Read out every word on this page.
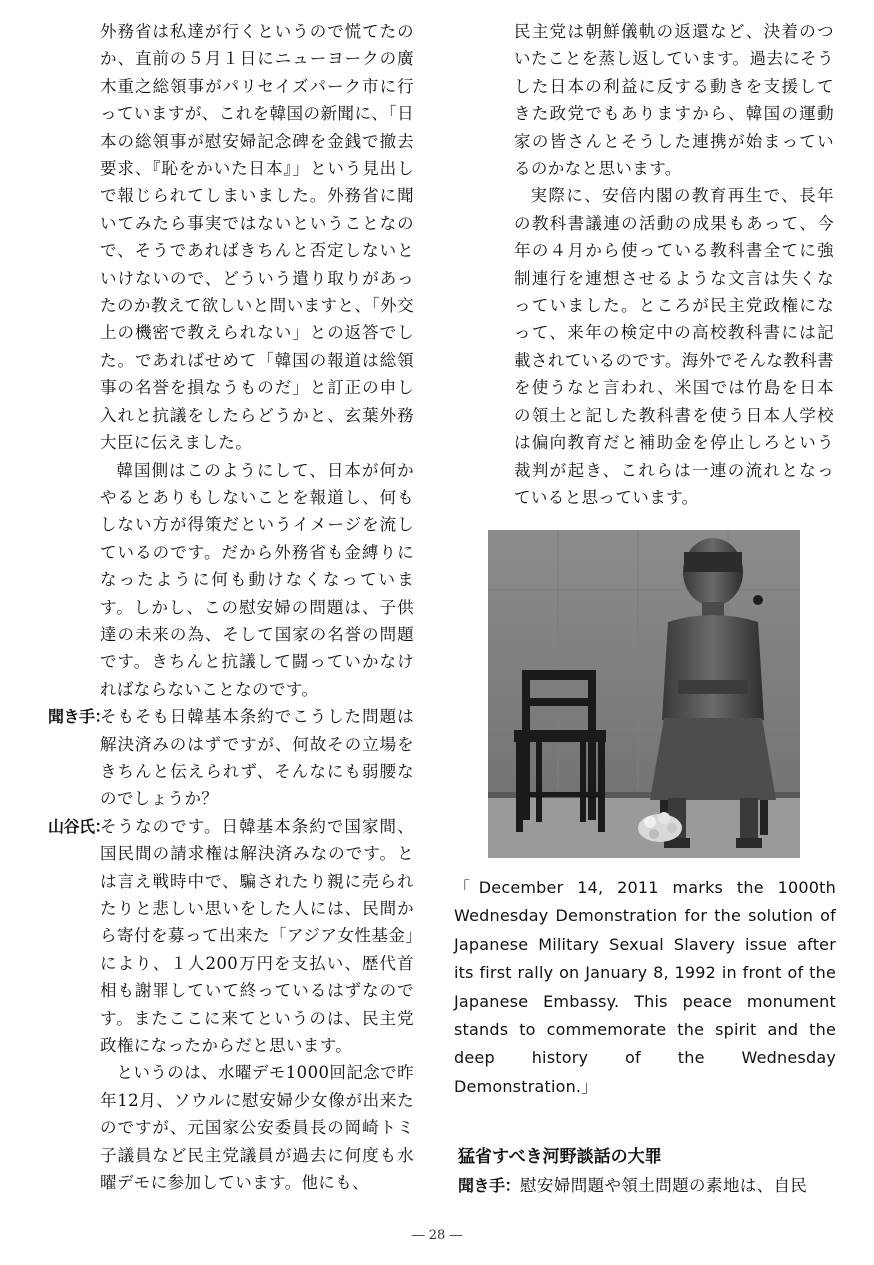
外務省は私達が行くというので慌てたのか、直前の５月１日にニューヨークの廣木重之総領事がパリセイズパーク市に行っていますが、これを韓国の新聞に、「日本の総領事が慰安婦記念碑を金銭で撤去要求、『恥をかいた日本』」という見出しで報じられてしまいました。外務省に聞いてみたら事実ではないということなので、そうであればきちんと否定しないといけないので、どういう遣り取りがあったのか教えて欲しいと問いますと、「外交上の機密で教えられない」との返答でした。であればせめて「韓国の報道は総領事の名誉を損なうものだ」と訂正の申し入れと抗議をしたらどうかと、玄葉外務大臣に伝えました。

韓国側はこのようにして、日本が何かやるとありもしないことを報道し、何もしない方が得策だというイメージを流しているのです。だから外務省も金縛りになったように何も動けなくなっています。しかし、この慰安婦の問題は、子供達の未来の為、そして国家の名誉の問題です。きちんと抗議して闘っていかなければならないことなのです。

聞き手：

そもそも日韓基本条約でこうした問題は解決済みのはずですが、何故その立場をきちんと伝えられず、そんなにも弱腰なのでしょうか？

山谷氏：

そうなのです。日韓基本条約で国家間、国民間の請求権は解決済みなのです。とは言え戦時中で、騙されたり親に売られたりと悲しい思いをした人には、民間から寄付を募って出来た「アジア女性基金」により、１人200万円を支払い、歴代首相も謝罪していて終っているはずなのです。またここに来てというのは、民主党政権になったからだと思います。

というのは、水曜デモ1000回記念で昨年12月、ソウルに慰安婦少女像が出来たのですが、元国家公安委員長の岡崎トミ子議員など民主党議員が過去に何度も水曜デモに参加しています。他にも、

民主党は朝鮮儀軌の返還など、決着のついたことを蒸し返しています。過去にそうした日本の利益に反する動きを支援してきた政党でもありますから、韓国の運動家の皆さんとそうした連携が始まっているのかなと思います。

実際に、安倍内閣の教育再生で、長年の教科書議連の活動の成果もあって、今年の４月から使っている教科書全てに強制連行を連想させるような文言は失くなっていました。ところが民主党政権になって、来年の検定中の高校教科書には記載されているのです。海外でそんな教科書を使うなと言われ、米国では竹島を日本の領土と記した教科書を使う日本人学校は偏向教育だと補助金を停止しろという裁判が起き、これらは一連の流れとなっていると思っています。

「December 14, 2011 marks the 1000th Wednesday Demonstration for the solution of Japanese Military Sexual Slavery issue after its first rally on January 8, 1992 in front of the Japanese Embassy. This peace monument stands to commemorate the spirit and the deep history of the Wednesday Demonstration.」

猛省すべき河野談話の大罪
聞き手： 慰安婦問題や領土問題の素地は、自民

― 28 ―
